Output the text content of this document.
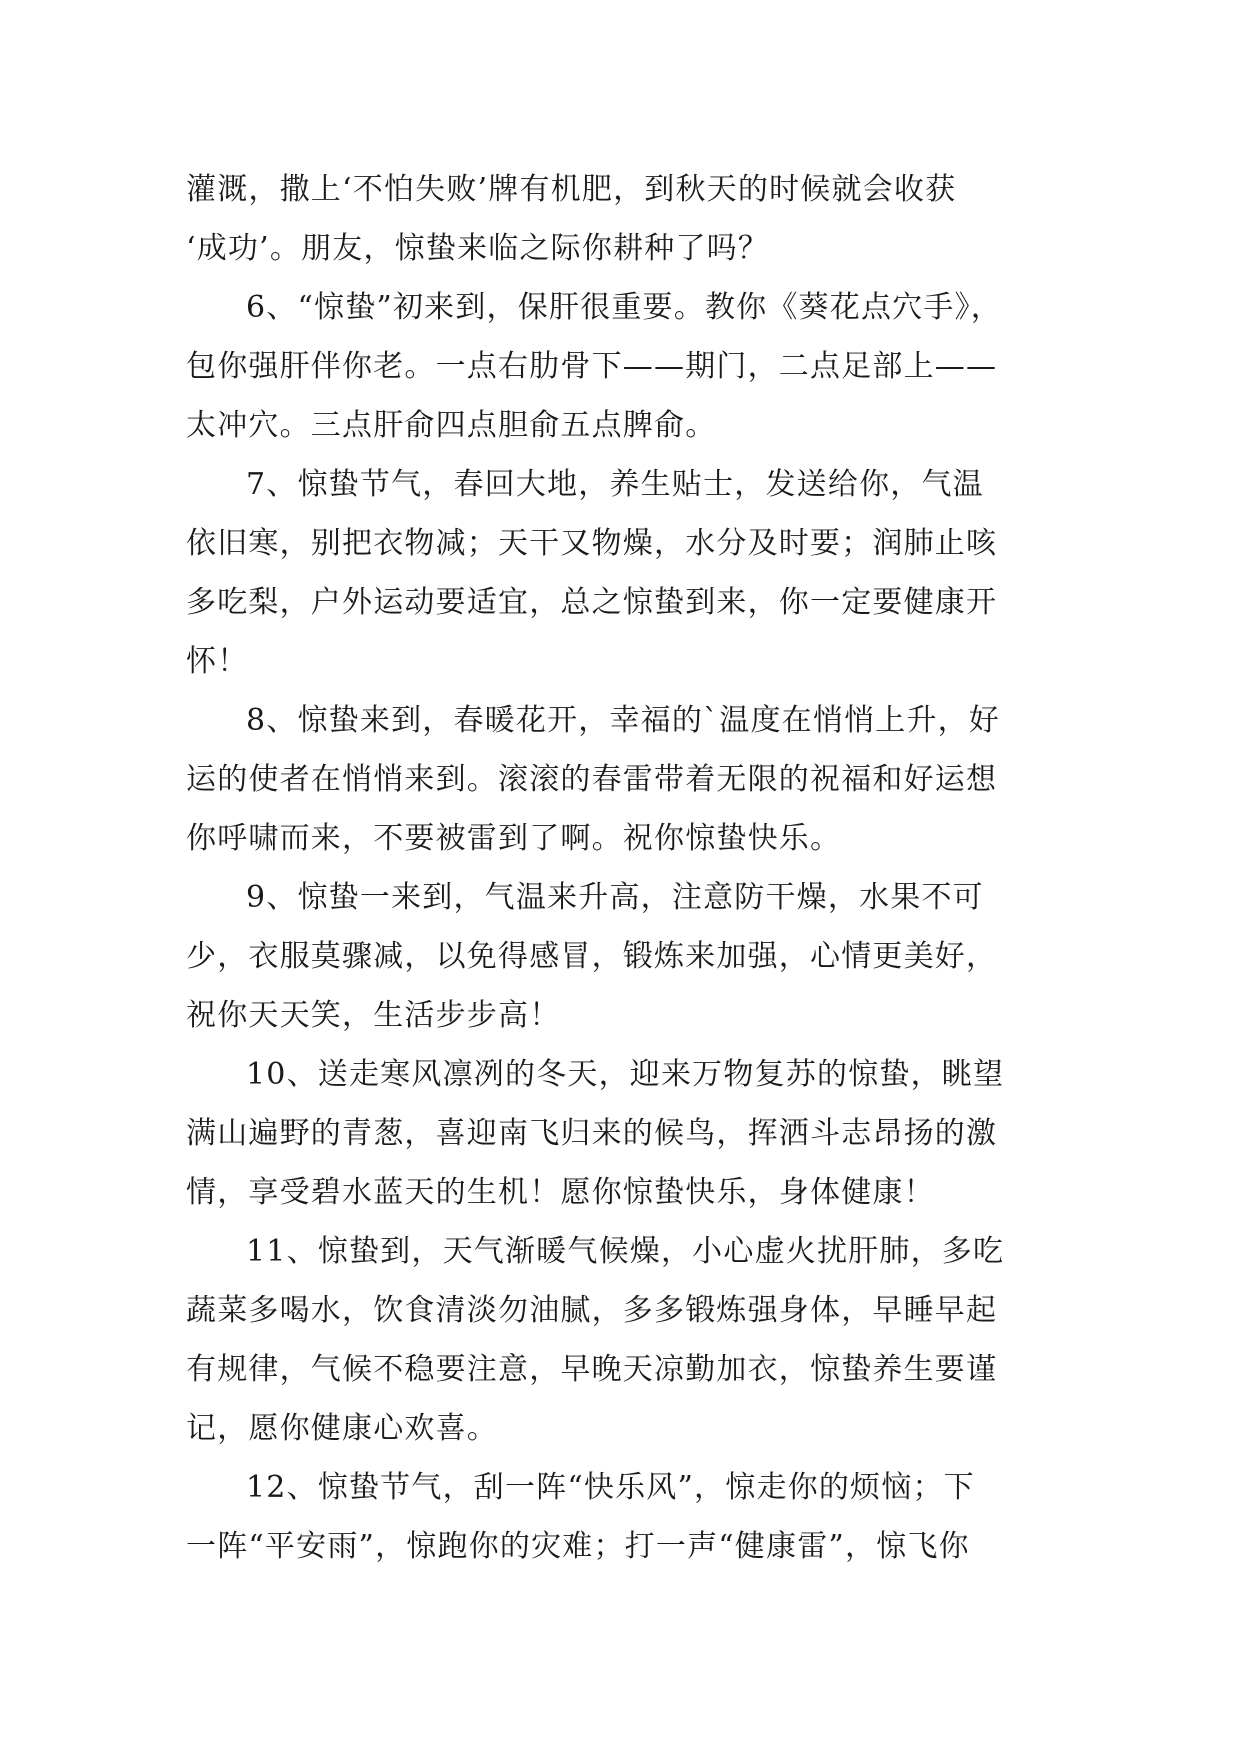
灌溉，撒上‘不怕失败’牌有机肥，到秋天的时候就会收获
‘成功’。朋友，惊蛰来临之际你耕种了吗？
6、“惊蛰”初来到，保肝很重要。教你《葵花点穴手》，
包你强肝伴你老。一点右肋骨下——期门，二点足部上——
太冲穴。三点肝俞四点胆俞五点脾俞。
7、惊蛰节气，春回大地，养生贴士，发送给你，气温
依旧寒，别把衣物减；天干又物燥，水分及时要；润肺止咳
多吃梨，户外运动要适宜，总之惊蛰到来，你一定要健康开
怀！
8、惊蛰来到，春暖花开，幸福的`温度在悄悄上升，好
运的使者在悄悄来到。滚滚的春雷带着无限的祝福和好运想
你呼啸而来，不要被雷到了啊。祝你惊蛰快乐。
9、惊蛰一来到，气温来升高，注意防干燥，水果不可
少，衣服莫骤减，以免得感冒，锻炼来加强，心情更美好，
祝你天天笑，生活步步高！
10、送走寒风凛冽的冬天，迎来万物复苏的惊蛰，眺望
满山遍野的青葱，喜迎南飞归来的候鸟，挥洒斗志昂扬的激
情，享受碧水蓝天的生机！愿你惊蛰快乐，身体健康！
11、惊蛰到，天气渐暖气候燥，小心虚火扰肝肺，多吃
蔬菜多喝水，饮食清淡勿油腻，多多锻炼强身体，早睡早起
有规律，气候不稳要注意，早晚天凉勤加衣，惊蛰养生要谨
记，愿你健康心欢喜。
12、惊蛰节气，刮一阵“快乐风”，惊走你的烦恼；下
一阵“平安雨”，惊跑你的灾难；打一声“健康雷”，惊飞你
